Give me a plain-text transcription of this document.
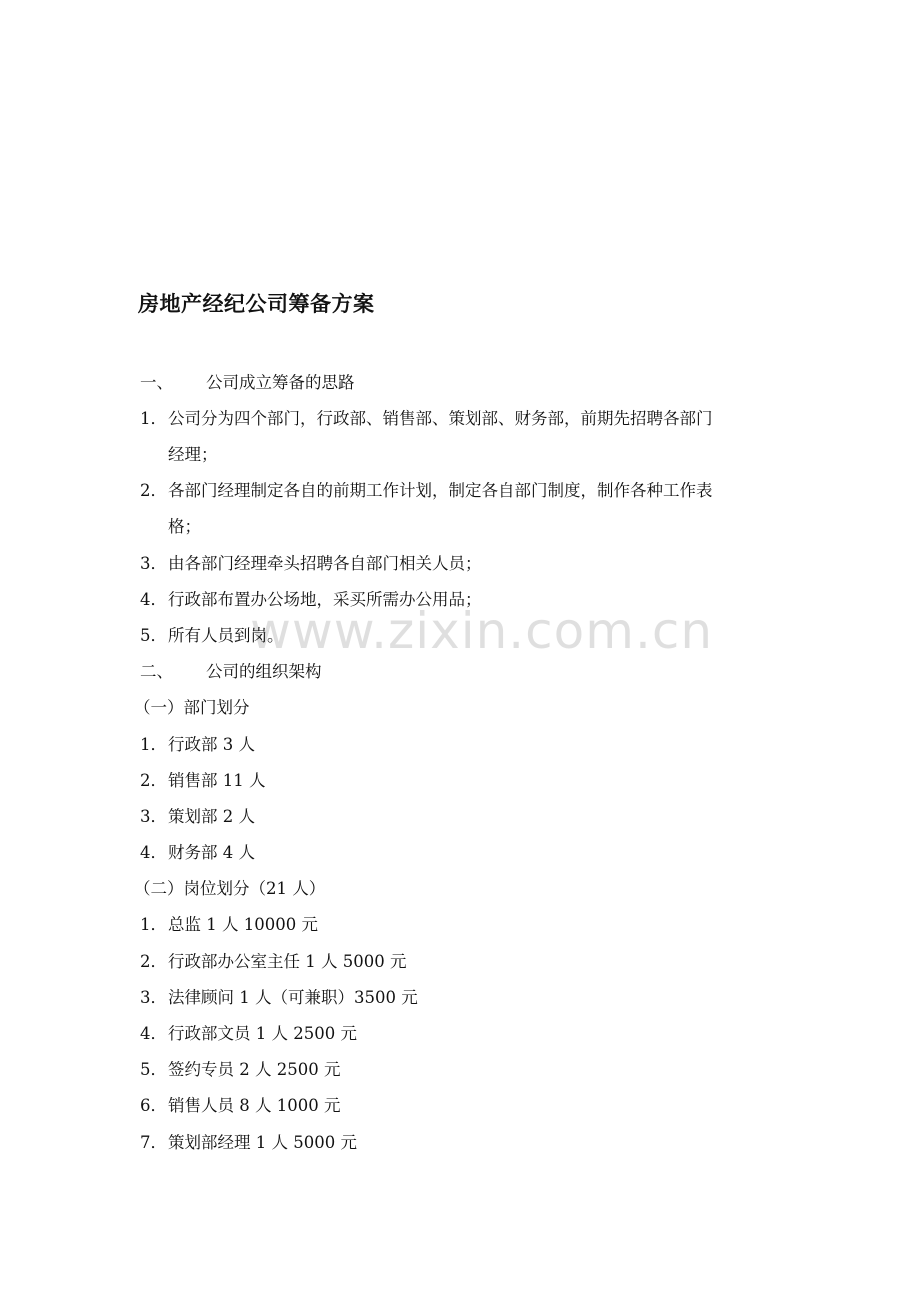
房地产经纪公司筹备方案
一、 公司成立筹备的思路
1．公司分为四个部门，行政部、销售部、策划部、财务部，前期先招聘各部门
经理；
2．各部门经理制定各自的前期工作计划，制定各自部门制度，制作各种工作表
格；
3．由各部门经理牵头招聘各自部门相关人员；
4．行政部布置办公场地，采买所需办公用品；
5．所有人员到岗。
二、 公司的组织架构
（一）部门划分
1．行政部 3 人
2．销售部 11 人
3．策划部 2 人
4．财务部 4 人
（二）岗位划分（21 人）
1．总监 1 人 10000 元
2．行政部办公室主任 1 人 5000 元
3．法律顾问 1 人（可兼职）3500 元
4．行政部文员 1 人 2500 元
5．签约专员 2 人 2500 元
6．销售人员 8 人 1000 元
7．策划部经理 1 人 5000 元
www.zixin.com.cn
